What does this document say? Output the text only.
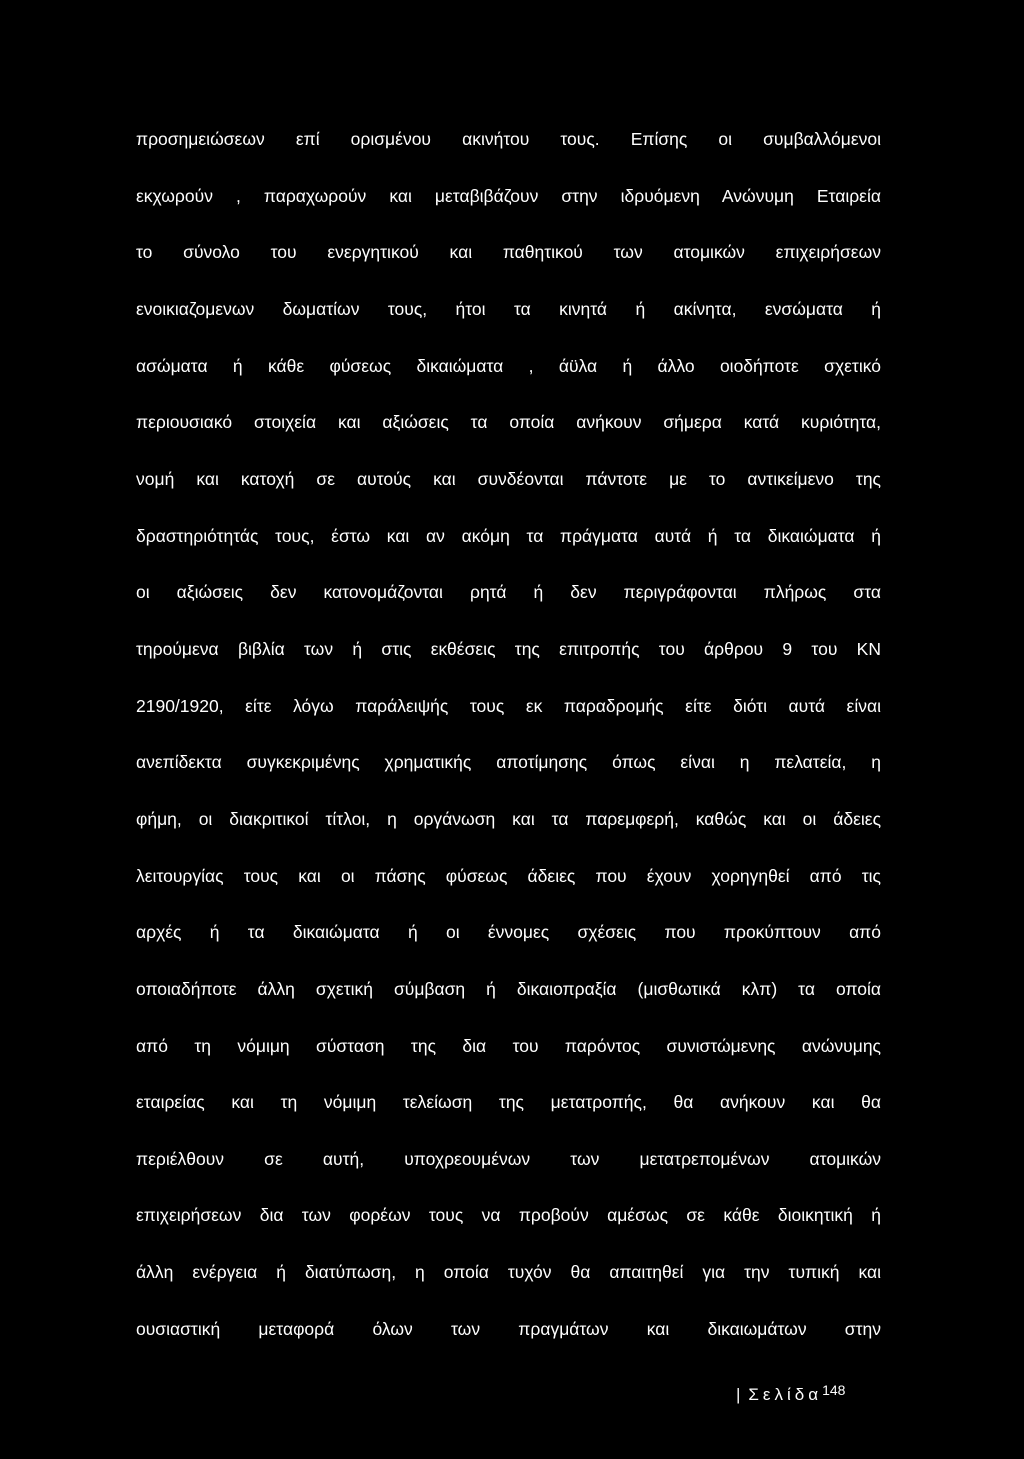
προσημειώσεων επί ορισμένου ακινήτου τους. Επίσης οι συμβαλλόμενοι
εκχωρούν , παραχωρούν και μεταβιβάζουν στην ιδρυόμενη Ανώνυμη Εταιρεία
το σύνολο του ενεργητικού και παθητικού των ατομικών επιχειρήσεων
ενοικιαζομενων δωματίων τους, ήτοι τα κινητά ή ακίνητα, ενσώματα ή
ασώματα ή κάθε φύσεως δικαιώματα , άϋλα ή άλλο οιοδήποτε σχετικό
περιουσιακό στοιχεία και αξιώσεις τα οποία ανήκουν σήμερα κατά κυριότητα,
νομή και κατοχή σε αυτούς και συνδέονται πάντοτε με το αντικείμενο της
δραστηριότητάς τους, έστω και αν ακόμη τα πράγματα αυτά ή τα δικαιώματα ή
οι αξιώσεις δεν κατονομάζονται ρητά ή δεν περιγράφονται πλήρως στα
τηρούμενα βιβλία των ή στις εκθέσεις της επιτροπής του άρθρου 9 του ΚΝ
2190/1920, είτε λόγω παράλειψής τους εκ παραδρομής είτε διότι αυτά είναι
ανεπίδεκτα συγκεκριμένης χρηματικής αποτίμησης όπως είναι η πελατεία, η
φήμη, οι διακριτικοί τίτλοι, η οργάνωση και τα παρεμφερή, καθώς και οι άδειες
λειτουργίας τους και οι πάσης φύσεως άδειες που έχουν χορηγηθεί από τις
αρχές ή τα δικαιώματα ή οι έννομες σχέσεις που προκύπτουν από
οποιαδήποτε άλλη σχετική σύμβαση ή δικαιοπραξία (μισθωτικά κλπ) τα οποία
από τη νόμιμη σύσταση της δια του παρόντος συνιστώμενης ανώνυμης
εταιρείας και τη νόμιμη τελείωση της μετατροπής, θα ανήκουν και θα
περιέλθουν σε αυτή, υποχρεουμένων των μετατρεπομένων ατομικών
επιχειρήσεων δια των φορέων τους να προβούν αμέσως σε κάθε διοικητική ή
άλλη ενέργεια ή διατύπωση, η οποία τυχόν θα απαιτηθεί για την τυπική και
ουσιαστική μεταφορά όλων των πραγμάτων και δικαιωμάτων στην
| Σελίδα$^{148}$
